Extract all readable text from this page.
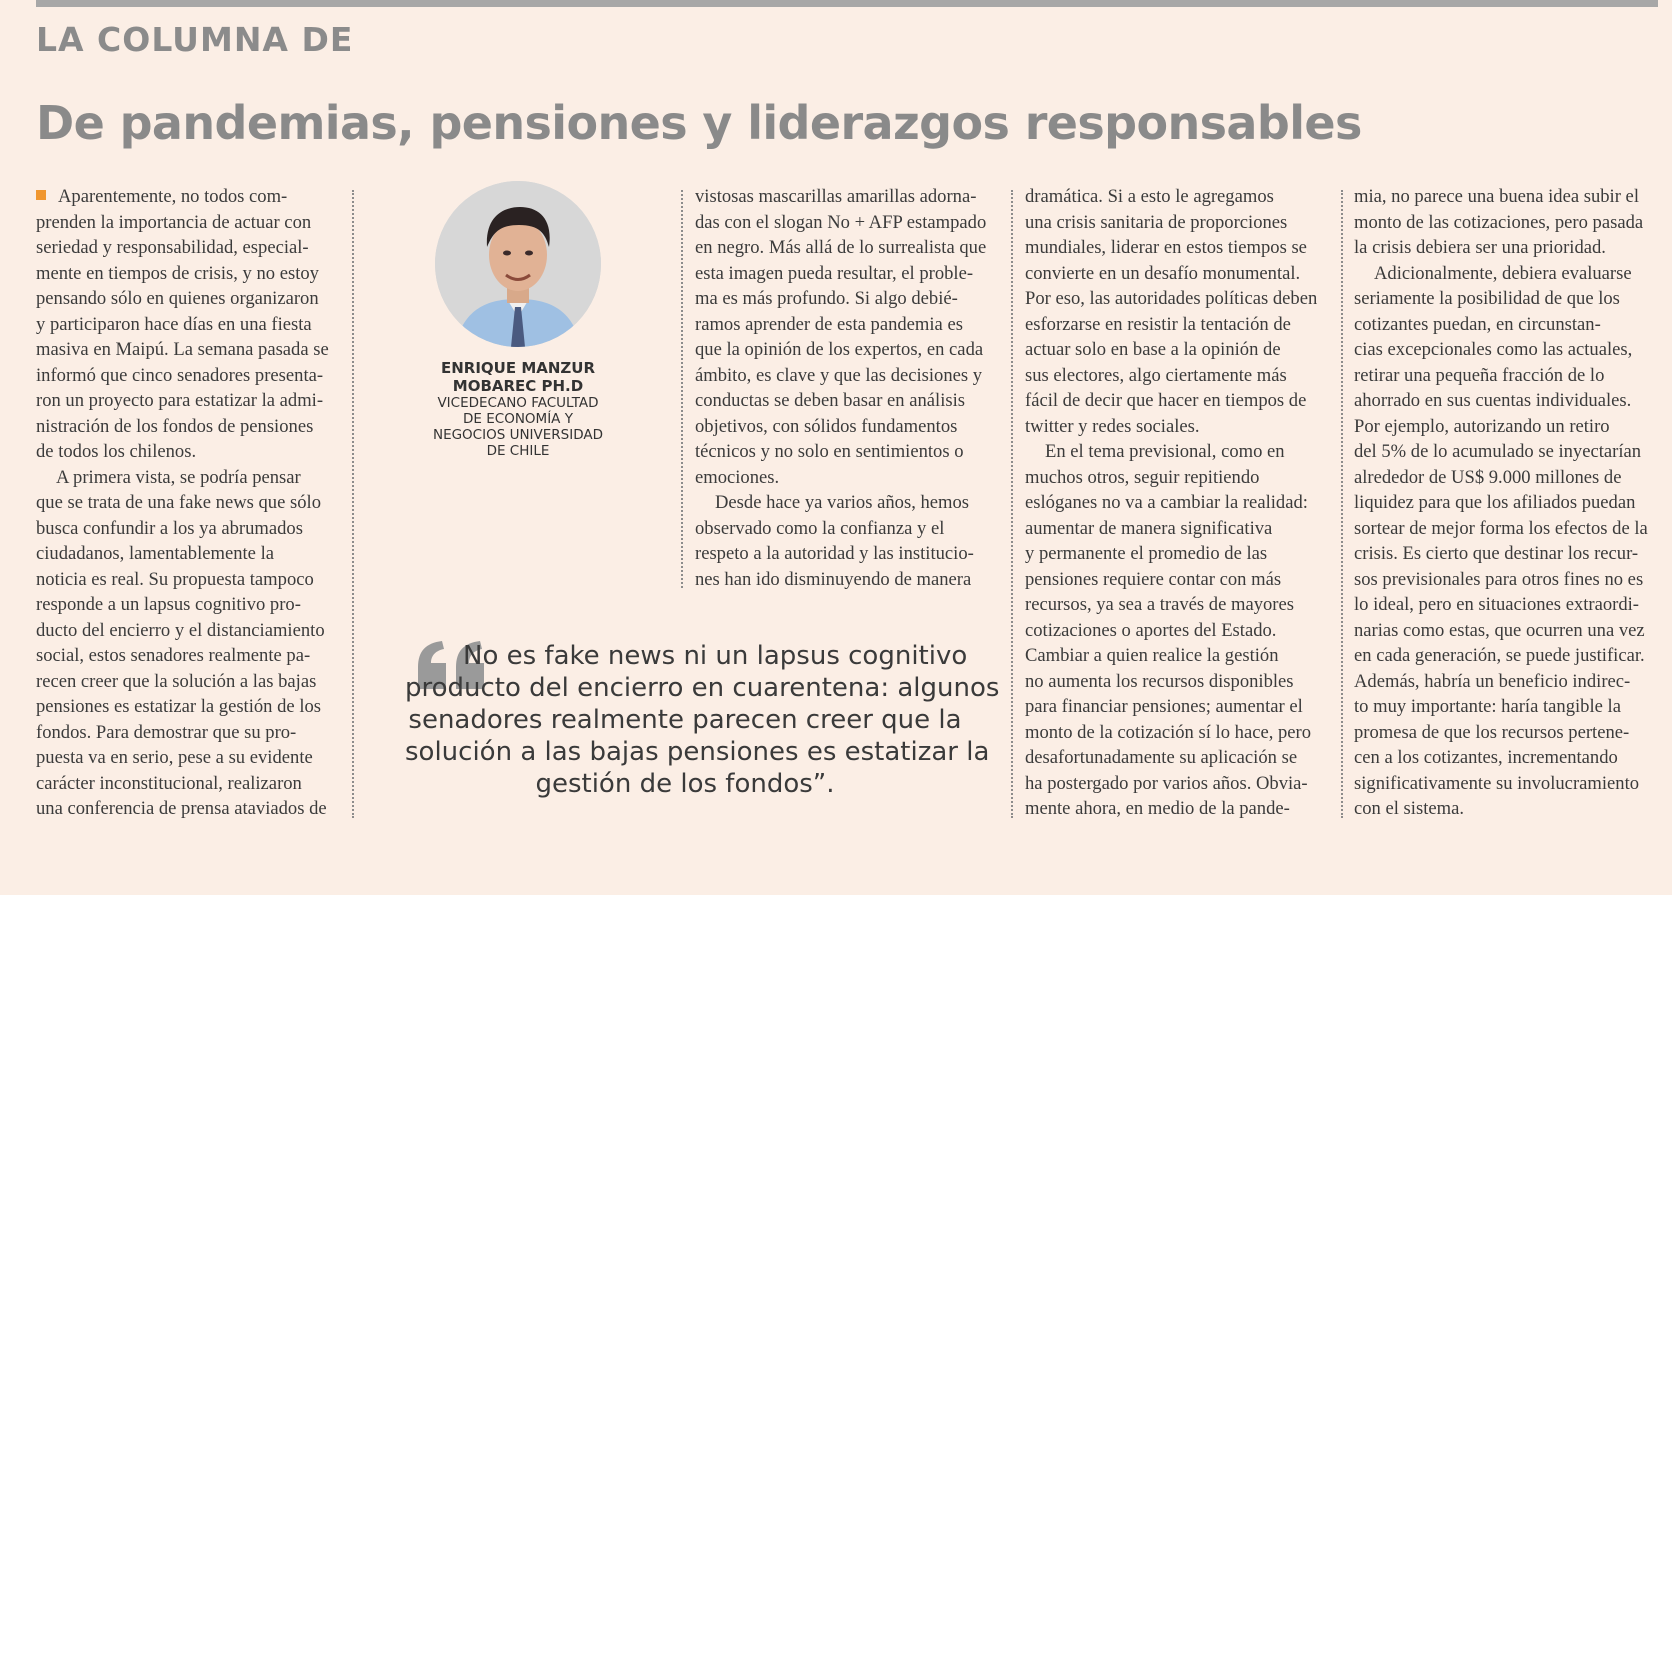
LA COLUMNA DE
De pandemias, pensiones y liderazgos responsables
Aparentemente, no todos com-
prenden la importancia de actuar con
seriedad y responsabilidad, especial-
mente en tiempos de crisis, y no estoy
pensando sólo en quienes organizaron
y participaron hace días en una fiesta
masiva en Maipú. La semana pasada se
informó que cinco senadores presenta-
ron un proyecto para estatizar la admi-
nistración de los fondos de pensiones
de todos los chilenos.
A primera vista, se podría pensar
que se trata de una fake news que sólo
busca confundir a los ya abrumados
ciudadanos, lamentablemente la
noticia es real. Su propuesta tampoco
responde a un lapsus cognitivo pro-
ducto del encierro y el distanciamiento
social, estos senadores realmente pa-
recen creer que la solución a las bajas
pensiones es estatizar la gestión de los
fondos. Para demostrar que su pro-
puesta va en serio, pese a su evidente
carácter inconstitucional, realizaron
una conferencia de prensa ataviados de
ENRIQUE MANZUR
MOBAREC PH.D
VICEDECANO FACULTAD
DE ECONOMÍA Y
NEGOCIOS UNIVERSIDAD
DE CHILE
vistosas mascarillas amarillas adorna-
das con el slogan No + AFP estampado
en negro. Más allá de lo surrealista que
esta imagen pueda resultar, el proble-
ma es más profundo. Si algo debié-
ramos aprender de esta pandemia es
que la opinión de los expertos, en cada
ámbito, es clave y que las decisiones y
conductas se deben basar en análisis
objetivos, con sólidos fundamentos
técnicos y no solo en sentimientos o
emociones.
Desde hace ya varios años, hemos
observado como la confianza y el
respeto a la autoridad y las institucio-
nes han ido disminuyendo de manera
No es fake news ni un lapsus cognitivo
producto del encierro en cuarentena: algunos
senadores realmente parecen creer que la
solución a las bajas pensiones es estatizar la
gestión de los fondos”.
dramática. Si a esto le agregamos
una crisis sanitaria de proporciones
mundiales, liderar en estos tiempos se
convierte en un desafío monumental.
Por eso, las autoridades políticas deben
esforzarse en resistir la tentación de
actuar solo en base a la opinión de
sus electores, algo ciertamente más
fácil de decir que hacer en tiempos de
twitter y redes sociales.
En el tema previsional, como en
muchos otros, seguir repitiendo
eslóganes no va a cambiar la realidad:
aumentar de manera significativa
y permanente el promedio de las
pensiones requiere contar con más
recursos, ya sea a través de mayores
cotizaciones o aportes del Estado.
Cambiar a quien realice la gestión
no aumenta los recursos disponibles
para financiar pensiones; aumentar el
monto de la cotización sí lo hace, pero
desafortunadamente su aplicación se
ha postergado por varios años. Obvia-
mente ahora, en medio de la pande-
mia, no parece una buena idea subir el
monto de las cotizaciones, pero pasada
la crisis debiera ser una prioridad.
Adicionalmente, debiera evaluarse
seriamente la posibilidad de que los
cotizantes puedan, en circunstan-
cias excepcionales como las actuales,
retirar una pequeña fracción de lo
ahorrado en sus cuentas individuales.
Por ejemplo, autorizando un retiro
del 5% de lo acumulado se inyectarían
alrededor de US$ 9.000 millones de
liquidez para que los afiliados puedan
sortear de mejor forma los efectos de la
crisis. Es cierto que destinar los recur-
sos previsionales para otros fines no es
lo ideal, pero en situaciones extraordi-
narias como estas, que ocurren una vez
en cada generación, se puede justificar.
Además, habría un beneficio indirec-
to muy importante: haría tangible la
promesa de que los recursos pertene-
cen a los cotizantes, incrementando
significativamente su involucramiento
con el sistema.
